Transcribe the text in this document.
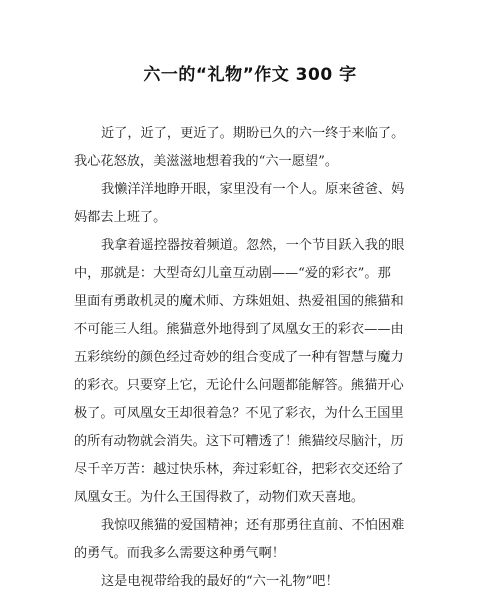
六一的“礼物”作文 300 字
近了，近了，更近了。期盼已久的六一终于来临了。
我心花怒放，美滋滋地想着我的“六一愿望”。
我懒洋洋地睁开眼，家里没有一个人。原来爸爸、妈
妈都去上班了。
我拿着遥控器按着频道。忽然，一个节目跃入我的眼
中，那就是：大型奇幻儿童互动剧——“爱的彩衣”。那
里面有勇敢机灵的魔术师、方珠姐姐、热爱祖国的熊猫和
不可能三人组。熊猫意外地得到了凤凰女王的彩衣——由
五彩缤纷的颜色经过奇妙的组合变成了一种有智慧与魔力
的彩衣。只要穿上它，无论什么问题都能解答。熊猫开心
极了。可凤凰女王却很着急？不见了彩衣，为什么王国里
的所有动物就会消失。这下可糟透了！熊猫绞尽脑汁，历
尽千辛万苦：越过快乐林，奔过彩虹谷，把彩衣交还给了
凤凰女王。为什么王国得救了，动物们欢天喜地。
我惊叹熊猫的爱国精神；还有那勇往直前、不怕困难
的勇气。而我多么需要这种勇气啊！
这是电视带给我的最好的“六一礼物”吧！
